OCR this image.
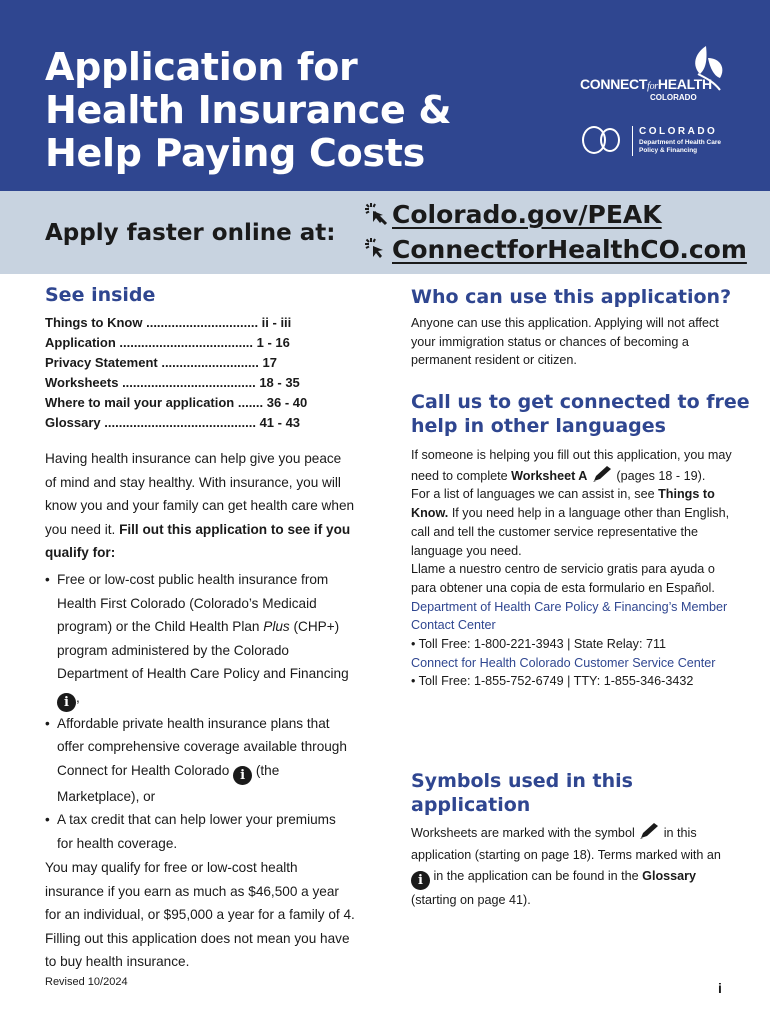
Application for
Health Insurance &
Help Paying Costs
CONNECTforHEALTH
COLORADO
COLORADO
Department of Health Care
Policy & Financing
Apply faster online at:
Colorado.gov/PEAK
ConnectforHealthCO.com
See inside
Things to Know ............................... ii - iii
Application ..................................... 1 - 16
Privacy Statement ........................... 17
Worksheets ..................................... 18 - 35
Where to mail your application ....... 36 - 40
Glossary .......................................... 41 - 43
Having health insurance can help give you peace of mind and stay healthy. With insurance, you will know you and your family can get health care when you need it. Fill out this application to see if you qualify for:
• Free or low-cost public health insurance from Health First Colorado (Colorado’s Medicaid program) or the Child Health Plan Plus (CHP+) program administered by the Colorado Department of Health Care Policy and Financing i ,
• Affordable private health insurance plans that offer comprehensive coverage available through Connect for Health Colorado i (the Marketplace), or
• A tax credit that can help lower your premiums for health coverage.
You may qualify for free or low-cost health insurance if you earn as much as $46,500 a year for an individual, or $95,000 a year for a family of 4. Filling out this application does not mean you have to buy health insurance.
Who can use this application?
Anyone can use this application. Applying will not affect your immigration status or chances of becoming a permanent resident or citizen.
Call us to get connected to free
help in other languages
If someone is helping you fill out this application, you may need to complete Worksheet A (pages 18 - 19).
For a list of languages we can assist in, see Things to Know. If you need help in a language other than English, call and tell the customer service representative the language you need.
Llame a nuestro centro de servicio gratis para ayuda o para obtener una copia de esta formulario en Español.
Department of Health Care Policy & Financing’s Member Contact Center
• Toll Free: 1-800-221-3943 | State Relay: 711
Connect for Health Colorado Customer Service Center
• Toll Free: 1-855-752-6749 | TTY: 1-855-346-3432
Symbols used in this
application
Worksheets are marked with the symbol in this application (starting on page 18). Terms marked with an i in the application can be found in the Glossary (starting on page 41).
Revised 10/2024	i
